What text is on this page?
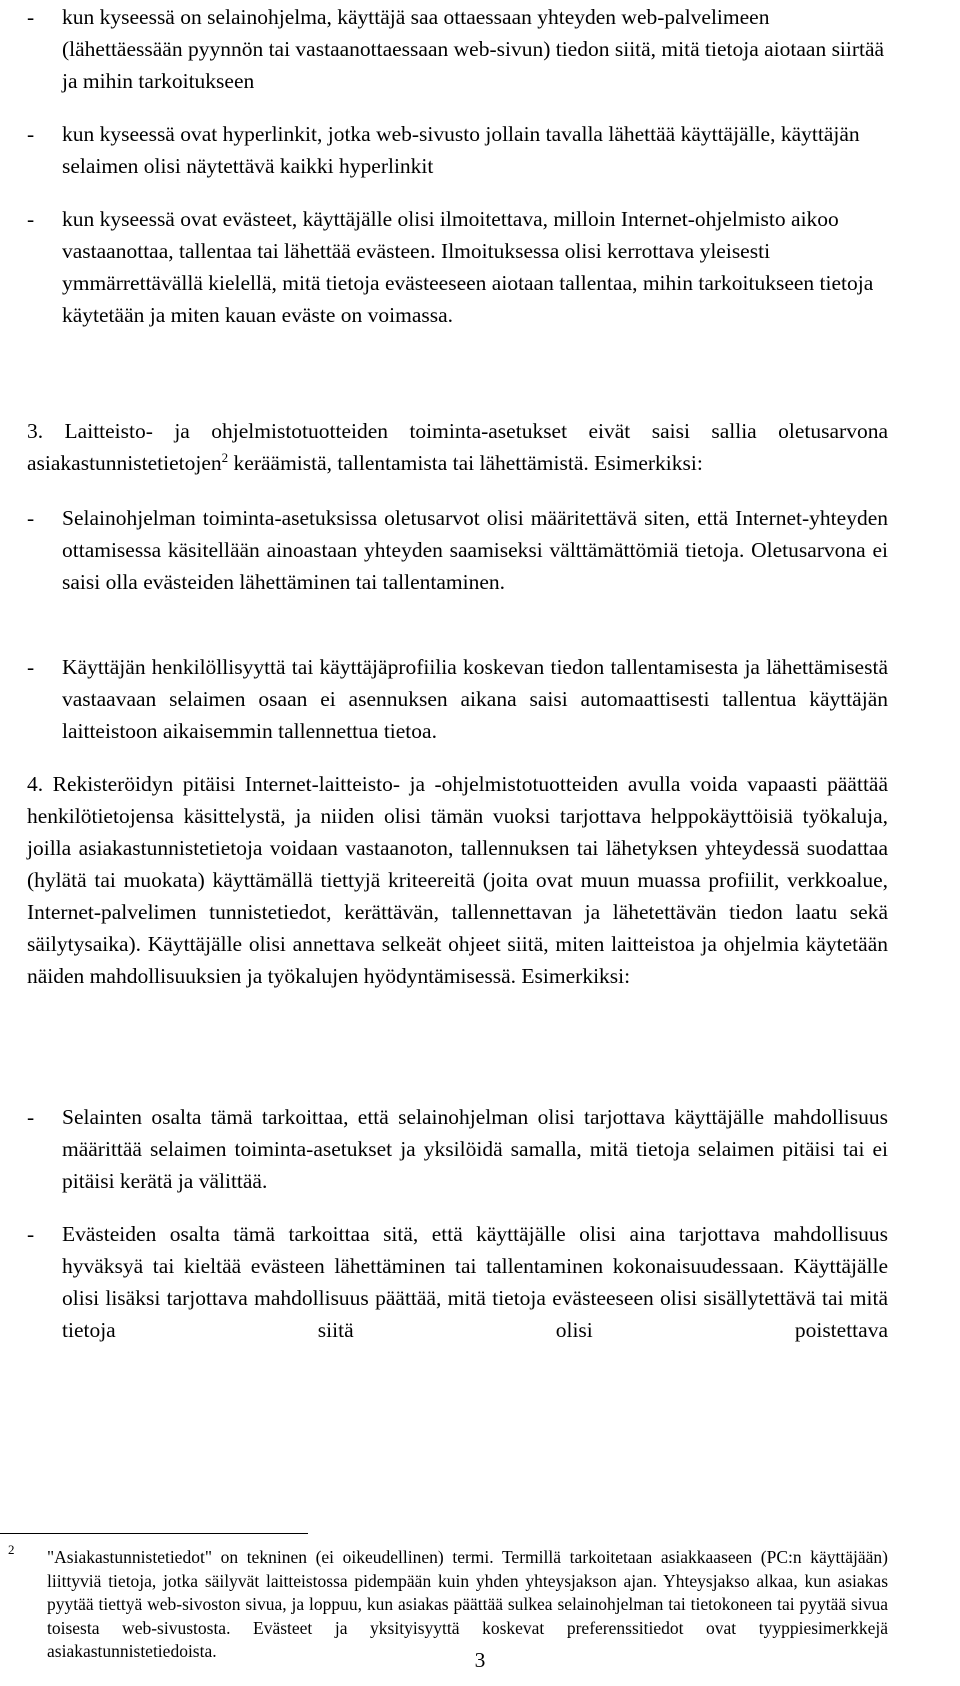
- kun kyseessä on selainohjelma, käyttäjä saa ottaessaan yhteyden web-palvelimeen (lähettäessään pyynnön tai vastaanottaessaan web-sivun) tiedon siitä, mitä tietoja aiotaan siirtää ja mihin tarkoitukseen
- kun kyseessä ovat hyperlinkit, jotka web-sivusto jollain tavalla lähettää käyttäjälle, käyttäjän selaimen olisi näytettävä kaikki hyperlinkit
- kun kyseessä ovat evästeet, käyttäjälle olisi ilmoitettava, milloin Internet-ohjelmisto aikoo vastaanottaa, tallentaa tai lähettää evästeen. Ilmoituksessa olisi kerrottava yleisesti ymmärrettävällä kielellä, mitä tietoja evästeeseen aiotaan tallentaa, mihin tarkoitukseen tietoja käytetään ja miten kauan eväste on voimassa.
3. Laitteisto- ja ohjelmistotuotteiden toiminta-asetukset eivät saisi sallia oletusarvona asiakastunnistetietojen$^2$ keräämistä, tallentamista tai lähettämistä. Esimerkiksi:
- Selainohjelman toiminta-asetuksissa oletusarvot olisi määritettävä siten, että Internet-yhteyden ottamisessa käsitellään ainoastaan yhteyden saamiseksi välttämättömiä tietoja. Oletusarvona ei saisi olla evästeiden lähettäminen tai tallentaminen.
- Käyttäjän henkilöllisyyttä tai käyttäjäprofiilia koskevan tiedon tallentamisesta ja lähettämisestä vastaavaan selaimen osaan ei asennuksen aikana saisi automaattisesti tallentua käyttäjän laitteistoon aikaisemmin tallennettua tietoa.
4. Rekisteröidyn pitäisi Internet-laitteisto- ja -ohjelmistotuotteiden avulla voida vapaasti päättää henkilötietojensa käsittelystä, ja niiden olisi tämän vuoksi tarjottava helppokäyttöisiä työkaluja, joilla asiakastunnistetietoja voidaan vastaanoton, tallennuksen tai lähetyksen yhteydessä suodattaa (hylätä tai muokata) käyttämällä tiettyjä kriteereitä (joita ovat muun muassa profiilit, verkkoalue, Internet-palvelimen tunnistetiedot, kerättävän, tallennettavan ja lähetettävän tiedon laatu sekä säilytysaika). Käyttäjälle olisi annettava selkeät ohjeet siitä, miten laitteistoa ja ohjelmia käytetään näiden mahdollisuuksien ja työkalujen hyödyntämisessä. Esimerkiksi:
- Selainten osalta tämä tarkoittaa, että selainohjelman olisi tarjottava käyttäjälle mahdollisuus määrittää selaimen toiminta-asetukset ja yksilöidä samalla, mitä tietoja selaimen pitäisi tai ei pitäisi kerätä ja välittää.
- Evästeiden osalta tämä tarkoittaa sitä, että käyttäjälle olisi aina tarjottava mahdollisuus hyväksyä tai kieltää evästeen lähettäminen tai tallentaminen kokonaisuudessaan. Käyttäjälle olisi lisäksi tarjottava mahdollisuus päättää, mitä tietoja evästeeseen olisi sisällytettävä tai mitä tietoja siitä olisi poistettava
2 "Asiakastunnistetiedot" on tekninen (ei oikeudellinen) termi. Termillä tarkoitetaan asiakkaaseen (PC:n käyttäjään) liittyviä tietoja, jotka säilyvät laitteistossa pidempään kuin yhden yhteysjakson ajan. Yhteysjakso alkaa, kun asiakas pyytää tiettyä web-sivoston sivua, ja loppuu, kun asiakas päättää sulkea selainohjelman tai tietokoneen tai pyytää sivua toisesta web-sivustosta. Evästeet ja yksityisyyttä koskevat preferenssitiedot ovat tyyppiesimerkkejä asiakastunnistetiedoista.	3
